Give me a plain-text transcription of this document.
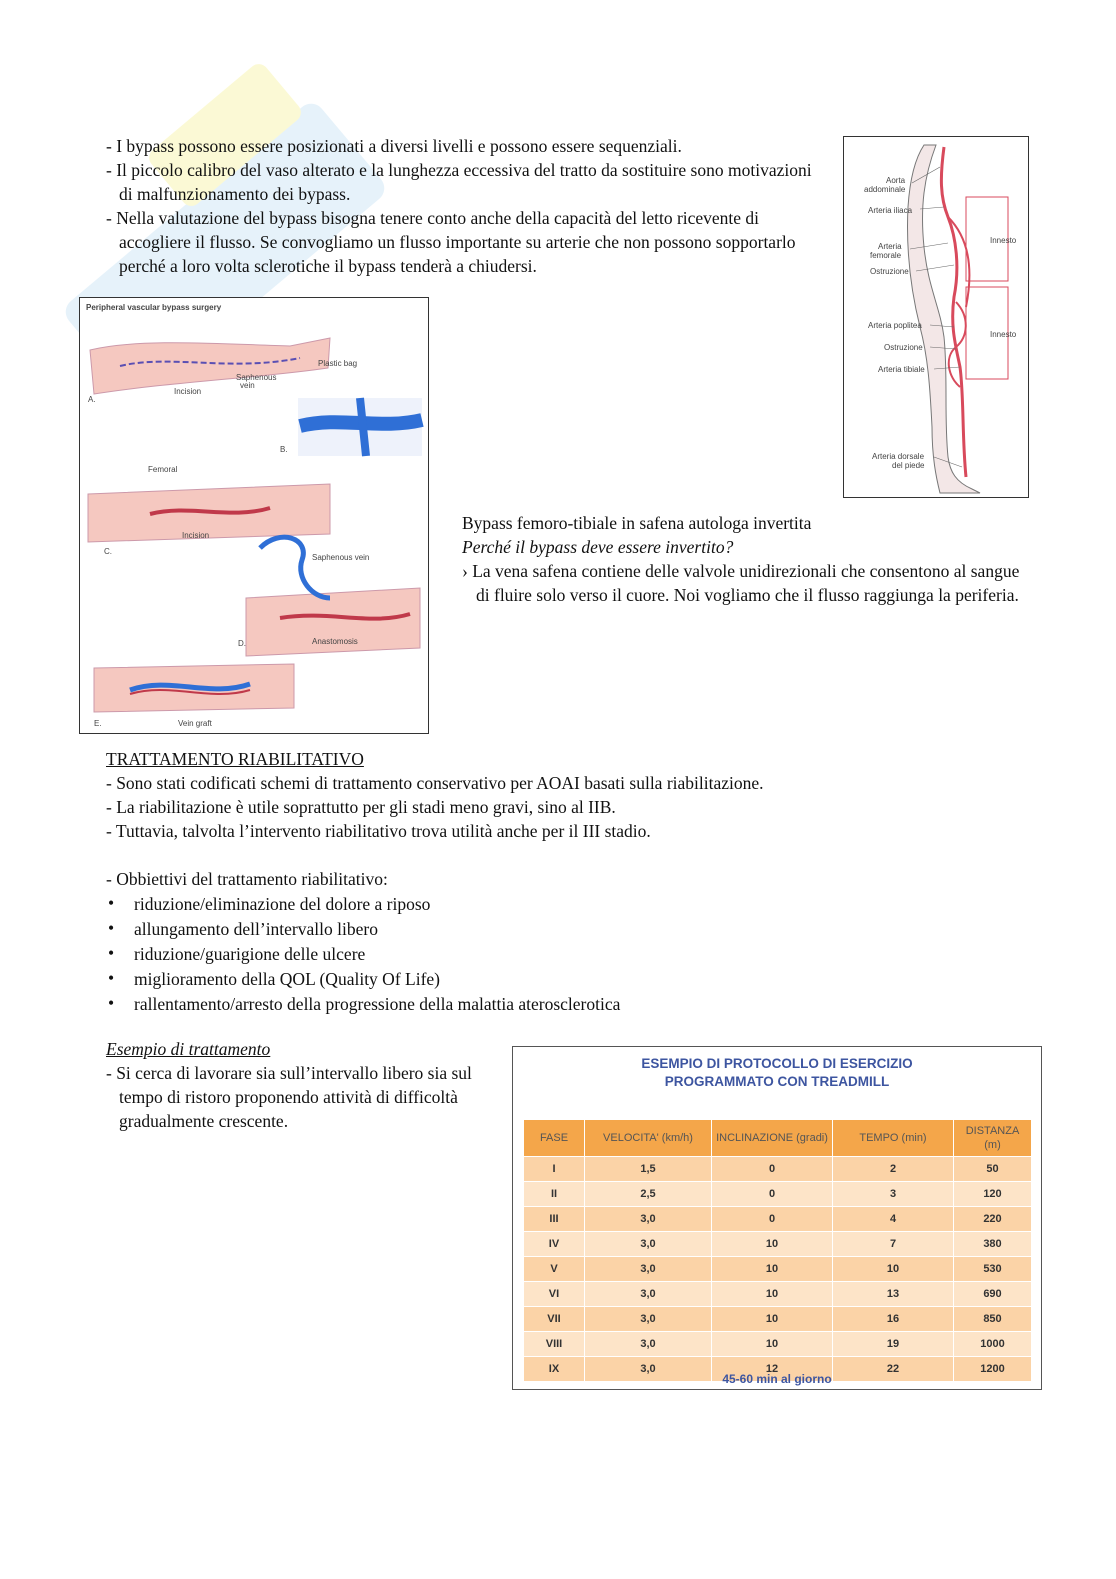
- I bypass possono essere posizionati a diversi livelli e possono essere sequenziali.

- Il piccolo calibro del vaso alterato e la lunghezza eccessiva del tratto da sostituire sono motivazioni di malfunzionamento dei bypass.

- Nella valutazione del bypass bisogna tenere conto anche della capacità del letto ricevente di accogliere il flusso. Se convogliamo un flusso importante su arterie che non possono sopportarlo perché a loro volta sclerotiche il bypass tenderà a chiudersi.

Aorta
addominale
Arteria iliaca
Arteria
femorale
Ostruzione
Arteria poplitea
Ostruzione
Arteria tibiale
Arteria dorsale
del piede
Innesto
Innesto
Peripheral vascular bypass surgery
A.
Incision
Saphenous
vein
Plastic bag
B.
Femoral
Incision
C.
Saphenous vein
Anastomosis
D.
Vein graft
E.

Bypass femoro-tibiale in safena autologa invertita

Perché il bypass deve essere invertito?

› La vena safena contiene delle valvole unidirezionali che consentono al sangue di fluire solo verso il cuore. Noi vogliamo che il flusso raggiunga la periferia.

TRATTAMENTO RIABILITATIVO

- Sono stati codificati schemi di trattamento conservativo per AOAI basati sulla riabilitazione.

- La riabilitazione è utile soprattutto per gli stadi meno gravi, sino al IIB.

- Tuttavia, talvolta l’intervento riabilitativo trova utilità anche per il III stadio.

- Obbiettivi del trattamento riabilitativo:

• riduzione/eliminazione del dolore a riposo
• allungamento dell’intervallo libero
• riduzione/guarigione delle ulcere
• miglioramento della QOL (Quality Of Life)
• rallentamento/arresto della progressione della malattia aterosclerotica

Esempio di trattamento

- Si cerca di lavorare sia sull’intervallo libero sia sul tempo di ristoro proponendo attività di difficoltà gradualmente crescente.

ESEMPIO DI PROTOCOLLO DI ESERCIZIO
PROGRAMMATO CON TREADMILL
FASE	VELOCITA' (km/h)	INCLINAZIONE (gradi)	TEMPO (min)	DISTANZA (m)
I	1,5	0	2	50
II	2,5	0	3	120
III	3,0	0	4	220
IV	3,0	10	7	380
V	3,0	10	10	530
VI	3,0	10	13	690
VII	3,0	10	16	850
VIII	3,0	10	19	1000
IX	3,0	12	22	1200
45-60 min al giorno
